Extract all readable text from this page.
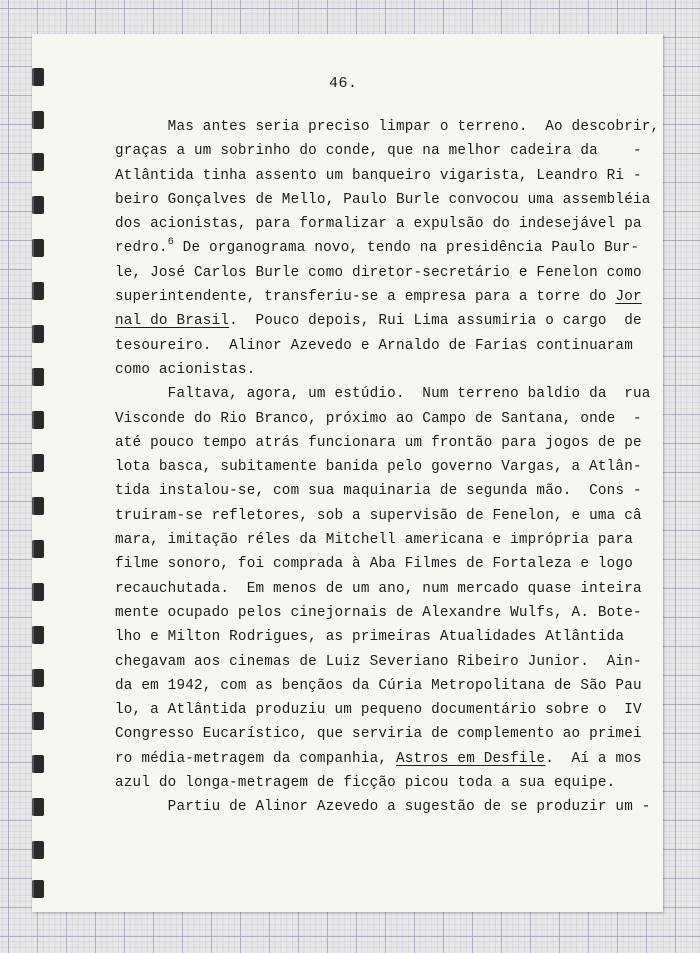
46.
Mas antes seria preciso limpar o terreno.  Ao descobrir,
graças a um sobrinho do conde, que na melhor cadeira da    -
Atlântida tinha assento um banqueiro vigarista, Leandro Ri -
beiro Gonçalves de Mello, Paulo Burle convocou uma assembléia
dos acionistas, para formalizar a expulsão do indesejável pa
redro.$^6$ De organograma novo, tendo na presidência Paulo Bur-
le, José Carlos Burle como diretor-secretário e Fenelon como
superintendente, transferiu-se a empresa para a torre do Jor
nal do Brasil.  Pouco depois, Rui Lima assumiria o cargo  de
tesoureiro.  Alinor Azevedo e Arnaldo de Farias continuaram
como acionistas.
Faltava, agora, um estúdio.  Num terreno baldio da  rua
Visconde do Rio Branco, próximo ao Campo de Santana, onde  -
até pouco tempo atrás funcionara um frontão para jogos de pe
lota basca, subitamente banida pelo governo Vargas, a Atlân-
tida instalou-se, com sua maquinaria de segunda mão.  Cons -
truiram-se refletores, sob a supervisão de Fenelon, e uma câ
mara, imitação réles da Mitchell americana e imprópria para
filme sonoro, foi comprada à Aba Filmes de Fortaleza e logo
recauchutada.  Em menos de um ano, num mercado quase inteira
mente ocupado pelos cinejornais de Alexandre Wulfs, A. Bote-
lho e Milton Rodrigues, as primeiras Atualidades Atlântida
chegavam aos cinemas de Luiz Severiano Ribeiro Junior.  Ain-
da em 1942, com as bençãos da Cúria Metropolitana de São Pau
lo, a Atlântida produziu um pequeno documentário sobre o  IV
Congresso Eucarístico, que serviria de complemento ao primei
ro média-metragem da companhia, Astros em Desfile.  Aí a mos
azul do longa-metragem de ficção picou toda a sua equipe.
Partiu de Alinor Azevedo a sugestão de se produzir um -
